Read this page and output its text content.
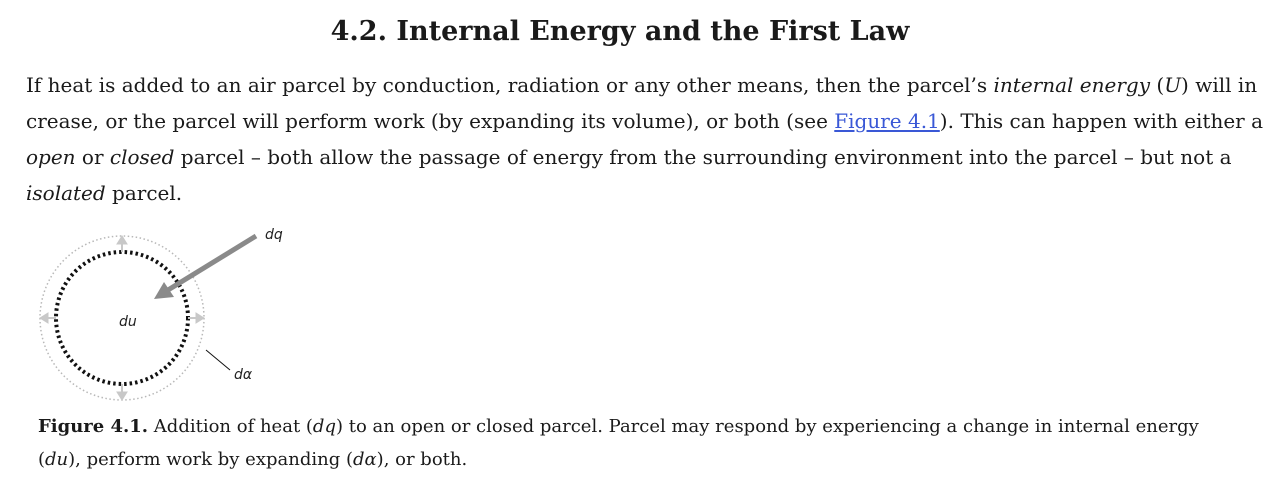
4.2. Internal Energy and the First Law

If heat is added to an air parcel by conduction, radiation or any other means, then the parcel’s internal energy (U) will in
crease, or the parcel will perform work (by expanding its volume), or both (see Figure 4.1). This can happen with either a
open or closed parcel – both allow the passage of energy from the surrounding environment into the parcel – but not a
isolated parcel.

dq
du
dα

Figure 4.1. Addition of heat (dq) to an open or closed parcel. Parcel may respond by experiencing a change in internal energy
(du), perform work by expanding (dα), or both.
